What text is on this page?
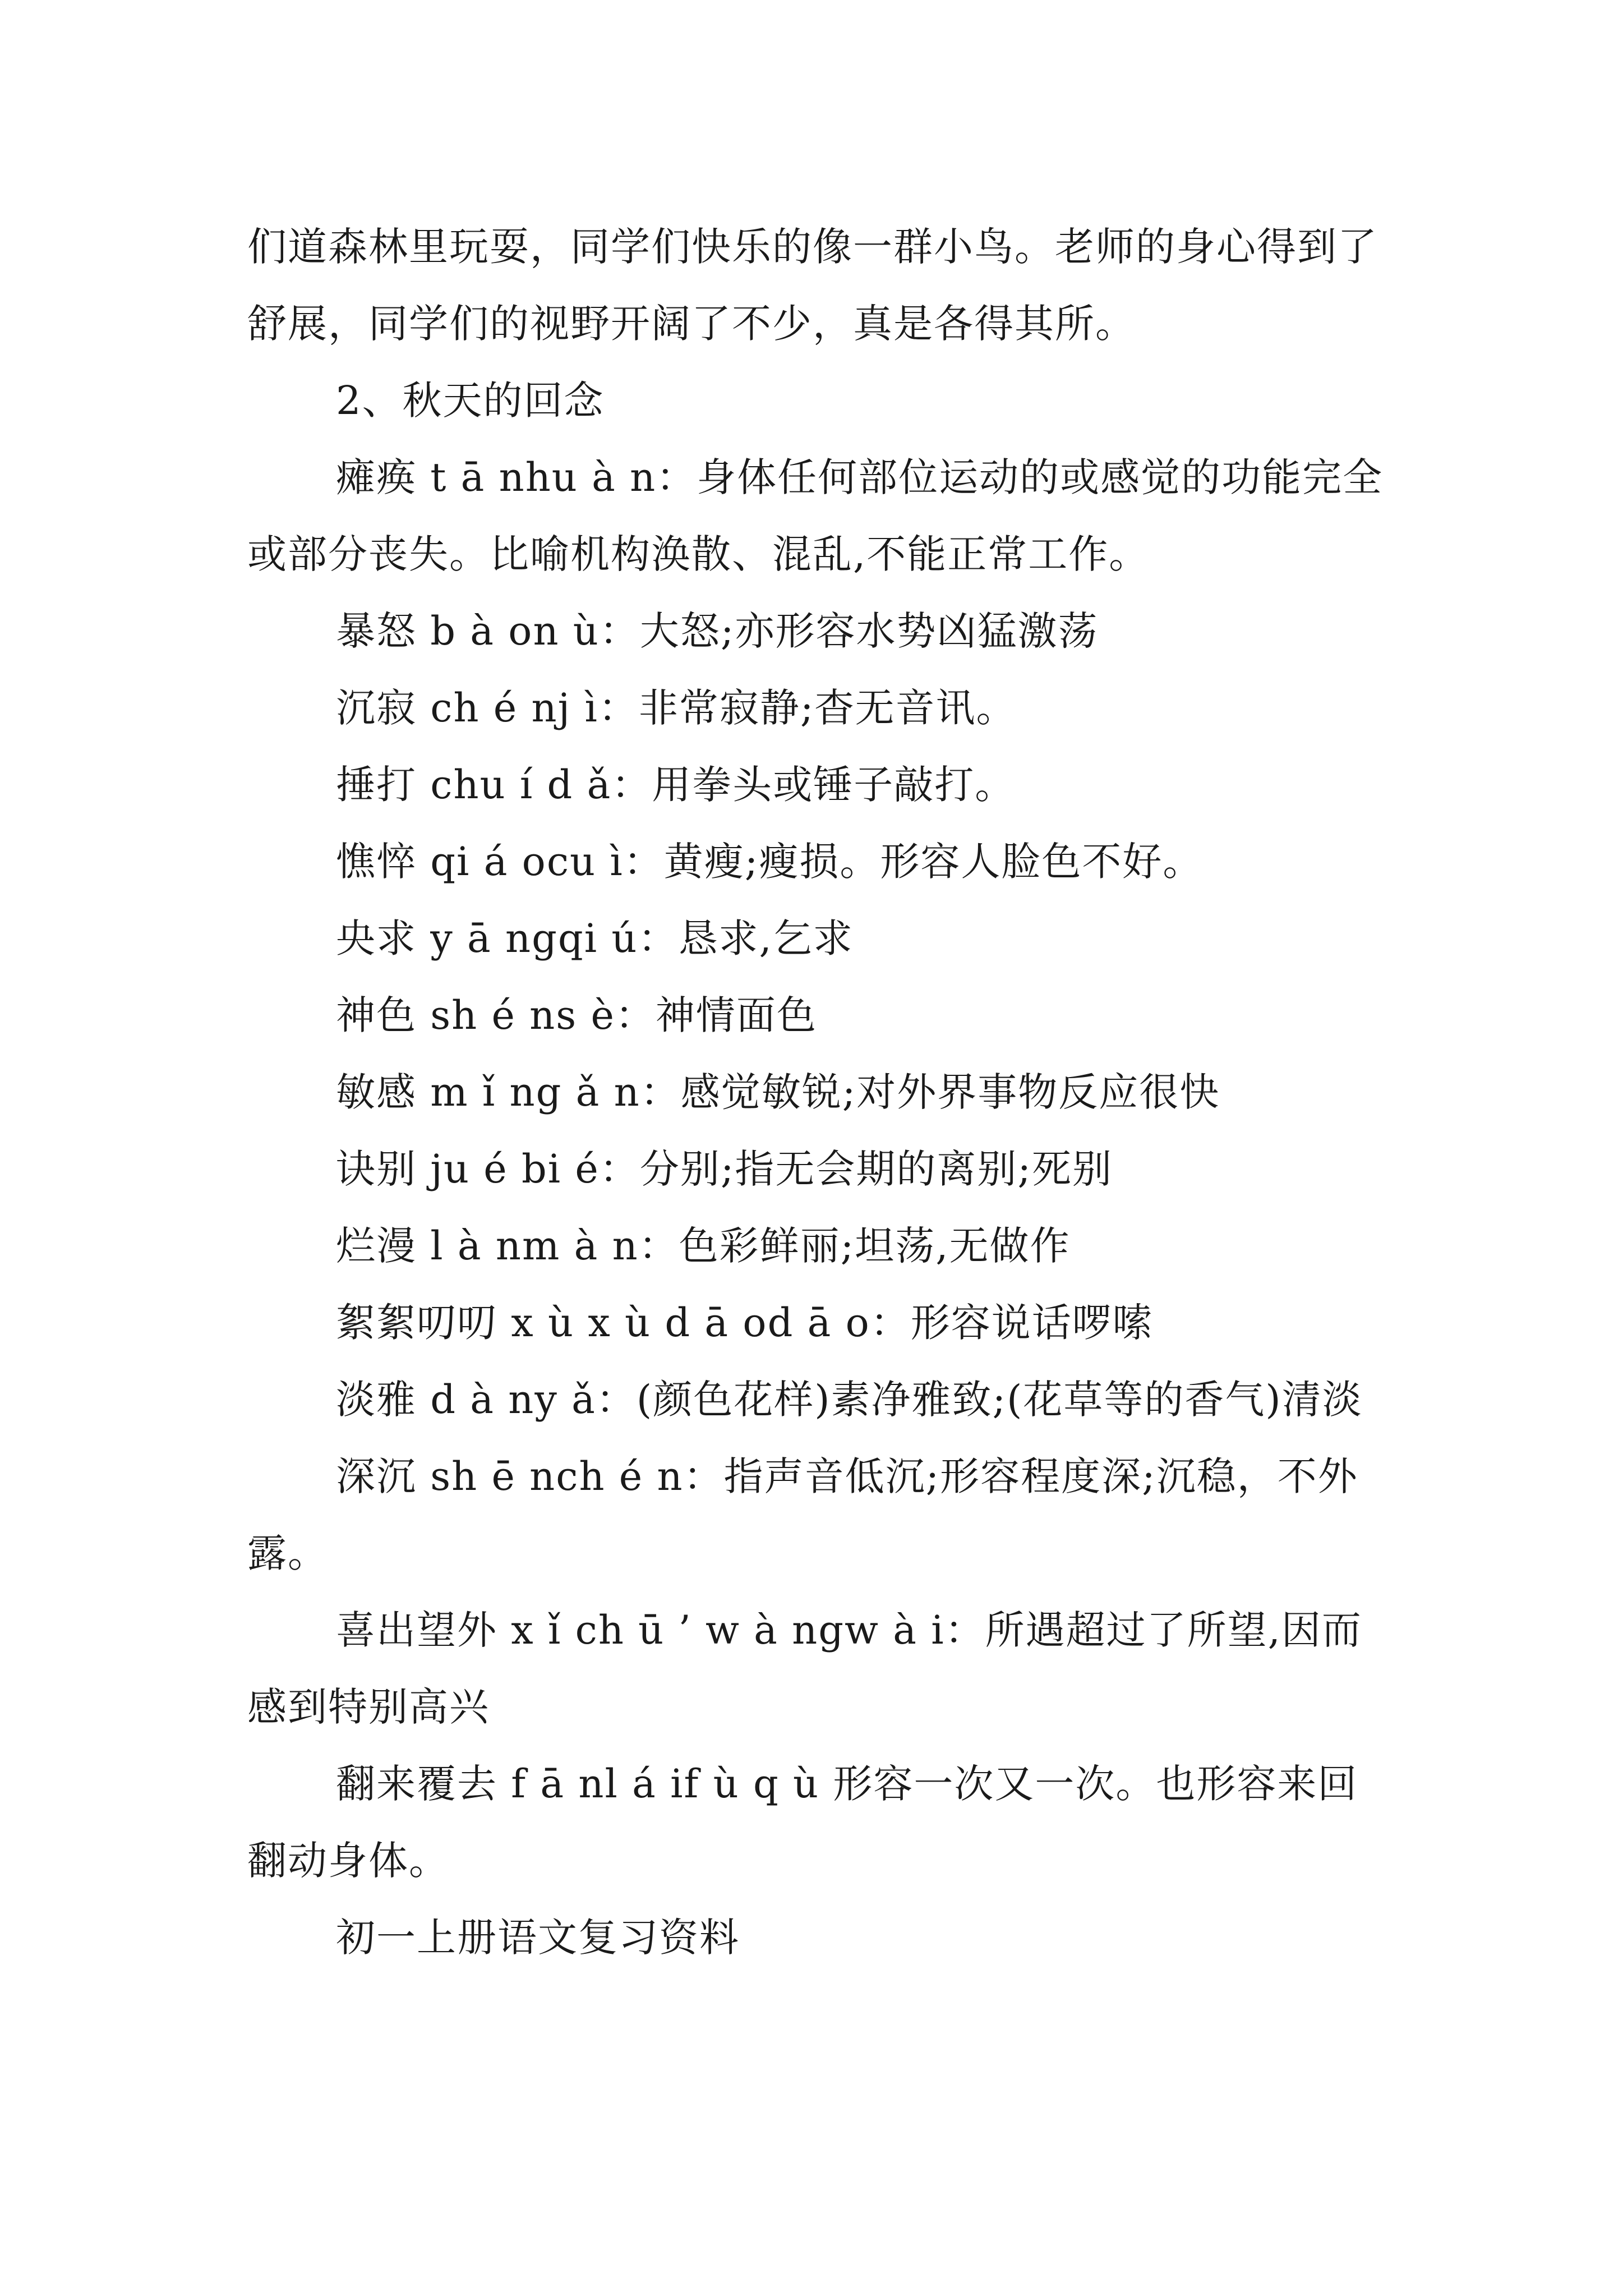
们道森林里玩耍，同学们快乐的像一群小鸟。老师的身心得到了舒展，同学们的视野开阔了不少，真是各得其所。

2、秋天的回念

瘫痪 t ā nhu à n：身体任何部位运动的或感觉的功能完全或部分丧失。比喻机构涣散、混乱,不能正常工作。

暴怒 b à on ù：大怒;亦形容水势凶猛激荡

沉寂 ch é nj ì：非常寂静;杳无音讯。

捶打 chu í d ǎ：用拳头或锤子敲打。

憔悴 qi á ocu ì：黄瘦;瘦损。形容人脸色不好。

央求 y ā ngqi ú：恳求,乞求

神色 sh é ns è：神情面色

敏感 m ǐ ng ǎ n：感觉敏锐;对外界事物反应很快

诀别 ju é bi é：分别;指无会期的离别;死别

烂漫 l à nm à n：色彩鲜丽;坦荡,无做作

絮絮叨叨 x ù x ù d ā od ā o：形容说话啰嗦

淡雅 d à ny ǎ：(颜色花样)素净雅致;(花草等的香气)清淡

深沉 sh ē nch é n：指声音低沉;形容程度深;沉稳，不外露。

喜出望外 x ǐ ch ū ’ w à ngw à i：所遇超过了所望,因而感到特别高兴

翻来覆去 f ā nl á if ù q ù 形容一次又一次。也形容来回翻动身体。

初一上册语文复习资料
